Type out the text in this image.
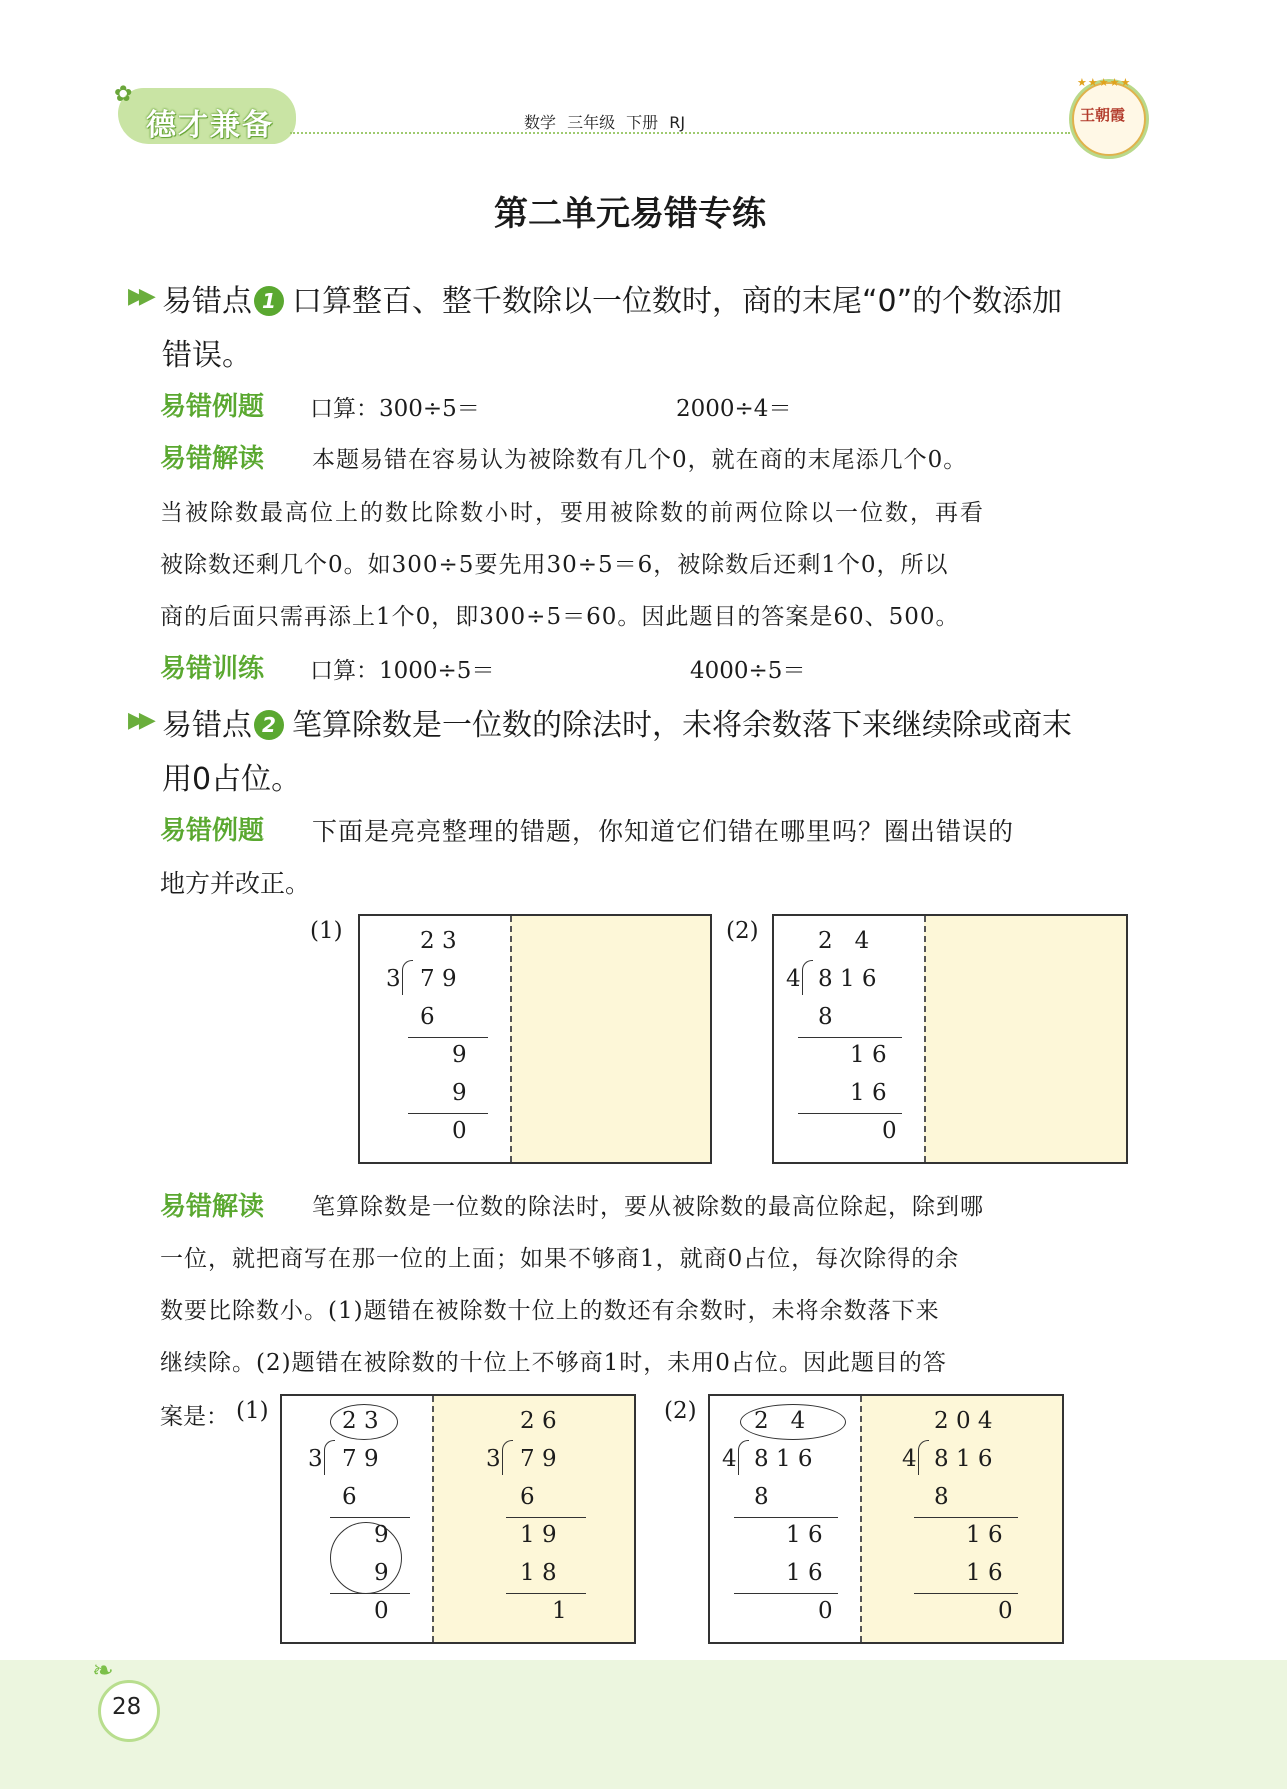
✿
德才兼备	数学 三年级 下册 RJ
★★★★★
王朝霞
第二单元易错专练
▶▶ 易错点 1 口算整百、整千数除以一位数时，商的末尾“0”的个数添加
错误。
易错例题 口算：300÷5＝	2000÷4＝
易错解读 本题易错在容易认为被除数有几个0，就在商的末尾添几个0。
当被除数最高位上的数比除数小时，要用被除数的前两位除以一位数，再看
被除数还剩几个0。如300÷5要先用30÷5＝6，被除数后还剩1个0，所以
商的后面只需再添上1个0，即300÷5＝60。因此题目的答案是60、500。
易错训练 口算：1000÷5＝	4000÷5＝
▶▶ 易错点 2 笔算除数是一位数的除法时，未将余数落下来继续除或商末
用0占位。
易错例题 下面是亮亮整理的错题，你知道它们错在哪里吗？圈出错误的
地方并改正。
(1)	2 3
3 7 9
6
9
9
0
(2)	2   4
4 8 1 6
8
1 6
1 6
0
易错解读 笔算除数是一位数的除法时，要从被除数的最高位除起，除到哪
一位，就把商写在那一位的上面；如果不够商1，就商0占位，每次除得的余
数要比除数小。(1)题错在被除数十位上的数还有余数时，未将余数落下来
继续除。(2)题错在被除数的十位上不够商1时，未用0占位。因此题目的答
案是： (1)	2 3
3 7 9
6
9
9
0
2 6
3 7 9
6
1 9
1 8
1
(2) 2   4
4 8 1 6
8
1 6
1 6
0
2 0 4
4 8 1 6
8
1 6
1 6
0
❧
28
